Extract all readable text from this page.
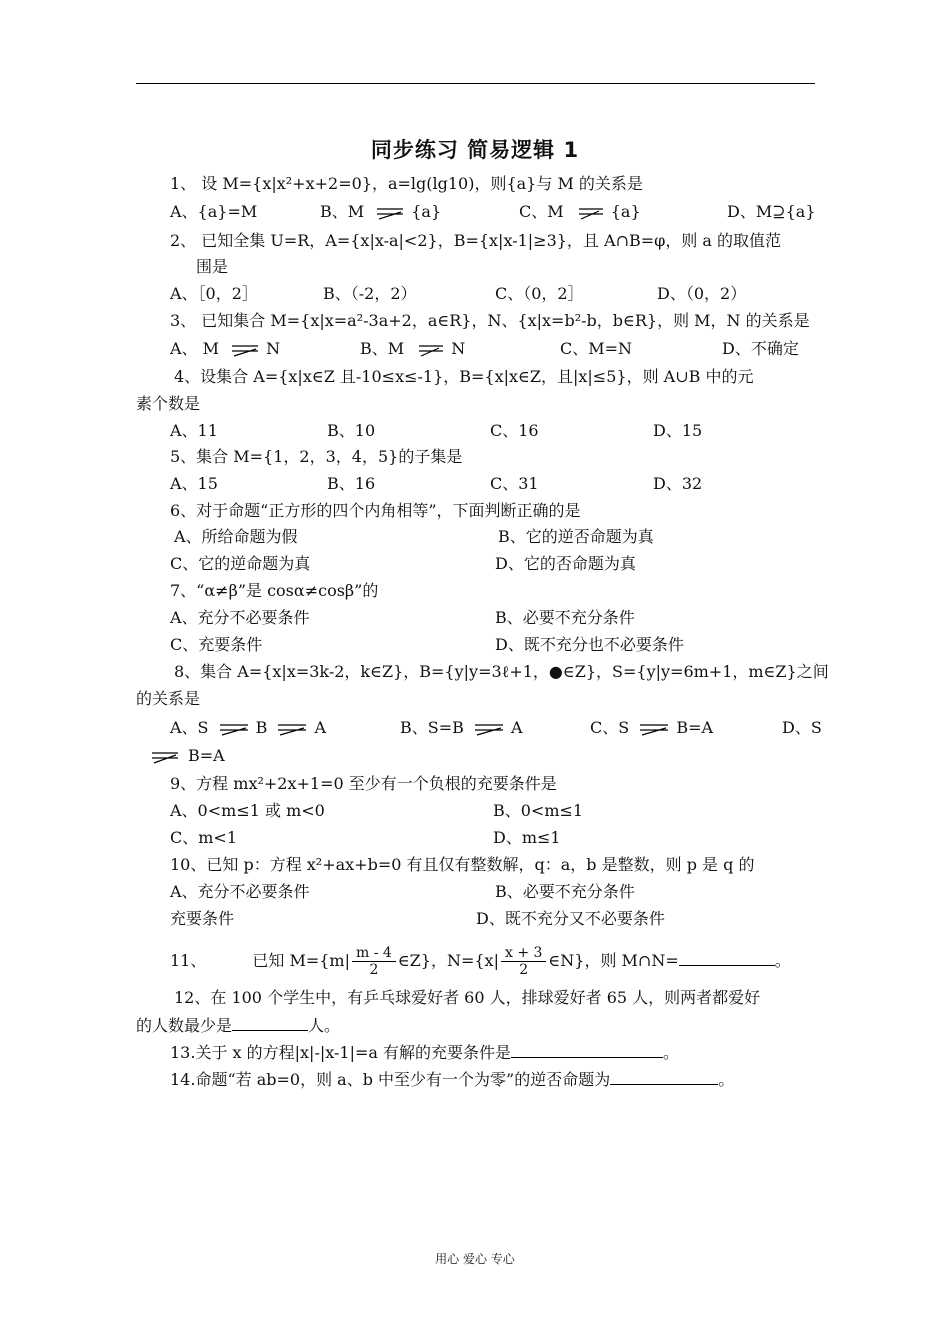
同步练习 简易逻辑 1
1、 设 M={x|x²+x+2=0}，a=lg(lg10)，则{a}与 M 的关系是
A、{a}=M	B、M	{a}	C、M	{a}	D、M⊇{a}
2、 已知全集 U=R，A={x|x-a|<2}，B={x|x-1|≥3}，且 A∩B=φ，则 a 的取值范
围是
A、［0，2］	B、（-2，2）	C、（0，2］	D、（0，2）
3、 已知集合 M={x|x=a²-3a+2，a∈R}，N、{x|x=b²-b，b∈R}，则 M，N 的关系是
A、 M	N	B、M	N	C、M=N	D、不确定
4、设集合 A={x|x∈Z 且-10≤x≤-1}，B={x|x∈Z，且|x|≤5}，则 A∪B 中的元
素个数是
A、11	B、10	C、16	D、15
5、集合 M={1，2，3，4，5}的子集是
A、15	B、16	C、31	D、32
6、对于命题“正方形的四个内角相等”，下面判断正确的是
A、所给命题为假	B、它的逆否命题为真
C、它的逆命题为真	D、它的否命题为真
7、“α≠β”是 cosα≠cosβ”的
A、充分不必要条件	B、必要不充分条件
C、充要条件	D、既不充分也不必要条件
8、集合 A={x|x=3k-2，k∈Z}，B={y|y=3ℓ+1，●∈Z}，S={y|y=6m+1，m∈Z}之间
的关系是
A、S	B	A	B、S=B	A	C、S	B=A	D、S
B=A
9、方程 mx²+2x+1=0 至少有一个负根的充要条件是
A、0<m≤1 或 m<0	B、0<m≤1
C、m<1	D、m≤1
10、已知 p：方程 x²+ax+b=0 有且仅有整数解，q：a，b 是整数，则 p 是 q 的
A、充分不必要条件	B、必要不充分条件
充要条件	D、既不充分又不必要条件
11、	已知 $M=\{m| \frac{m - 4}{2}$ ∈Z}，$N=\{x| \frac{x + 3}{2}$ ∈N}，则 M∩N=	。
12、在 100 个学生中，有乒乓球爱好者 60 人，排球爱好者 65 人，则两者都爱好
的人数最少是	人。
13.关于 x 的方程|x|-|x-1|=a 有解的充要条件是	。
14.命题“若 ab=0，则 a、b 中至少有一个为零”的逆否命题为	。
用心 爱心 专心
